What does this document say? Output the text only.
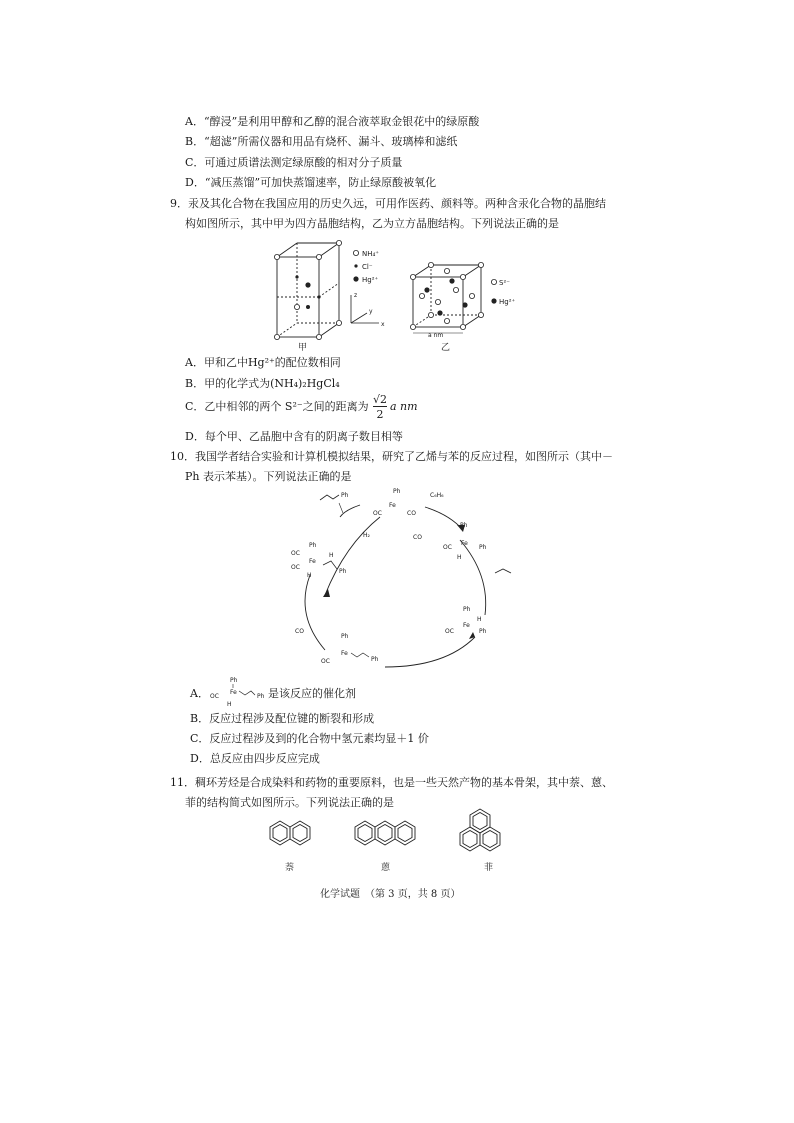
A．“醇浸”是利用甲醇和乙醇的混合液萃取金银花中的绿原酸
B．“超滤”所需仪器和用品有烧杯、漏斗、玻璃棒和滤纸
C．可通过质谱法测定绿原酸的相对分子质量
D．“减压蒸馏”可加快蒸馏速率，防止绿原酸被氧化
9．汞及其化合物在我国应用的历史久远，可用作医药、颜料等。两种含汞化合物的晶胞结
构如图所示，其中甲为四方晶胞结构，乙为立方晶胞结构。下列说法正确的是
NH₄⁺
Cl⁻
Hg²⁺
z
y
x
a nm
S²⁻
Hg²⁺
甲	乙
A．甲和乙中Hg²⁺的配位数相同
B．甲的化学式为(NH₄)₂HgCl₄
C．乙中相邻的两个 S²⁻之间的距离为
√2
2
a nm
D．每个甲、乙晶胞中含有的阴离子数目相等
10．我国学者结合实验和计算机模拟结果，研究了乙烯与苯的反应过程，如图所示（其中－
Ph 表示苯基）。下列说法正确的是
Ph
Ph
Fe
OC	CO
C₆H₆
H₂	CO
Ph
Fe
OC	Ph
H
Ph
Fe
H
OC	Ph
Ph
Fe
OC	Ph
CO
Ph
Fe
OC
OC
H
H
Ph
A．
Ph
Fe
OC
H
Ph 是该反应的催化剂
B．反应过程涉及配位键的断裂和形成
C．反应过程涉及到的化合物中氢元素均显＋1 价
D．总反应由四步反应完成
11．稠环芳烃是合成染料和药物的重要原料，也是一些天然产物的基本骨架，其中萘、蒽、
菲的结构简式如图所示。下列说法正确的是
萘	蒽	菲
化学试题　（第 3 页，共 8 页）
